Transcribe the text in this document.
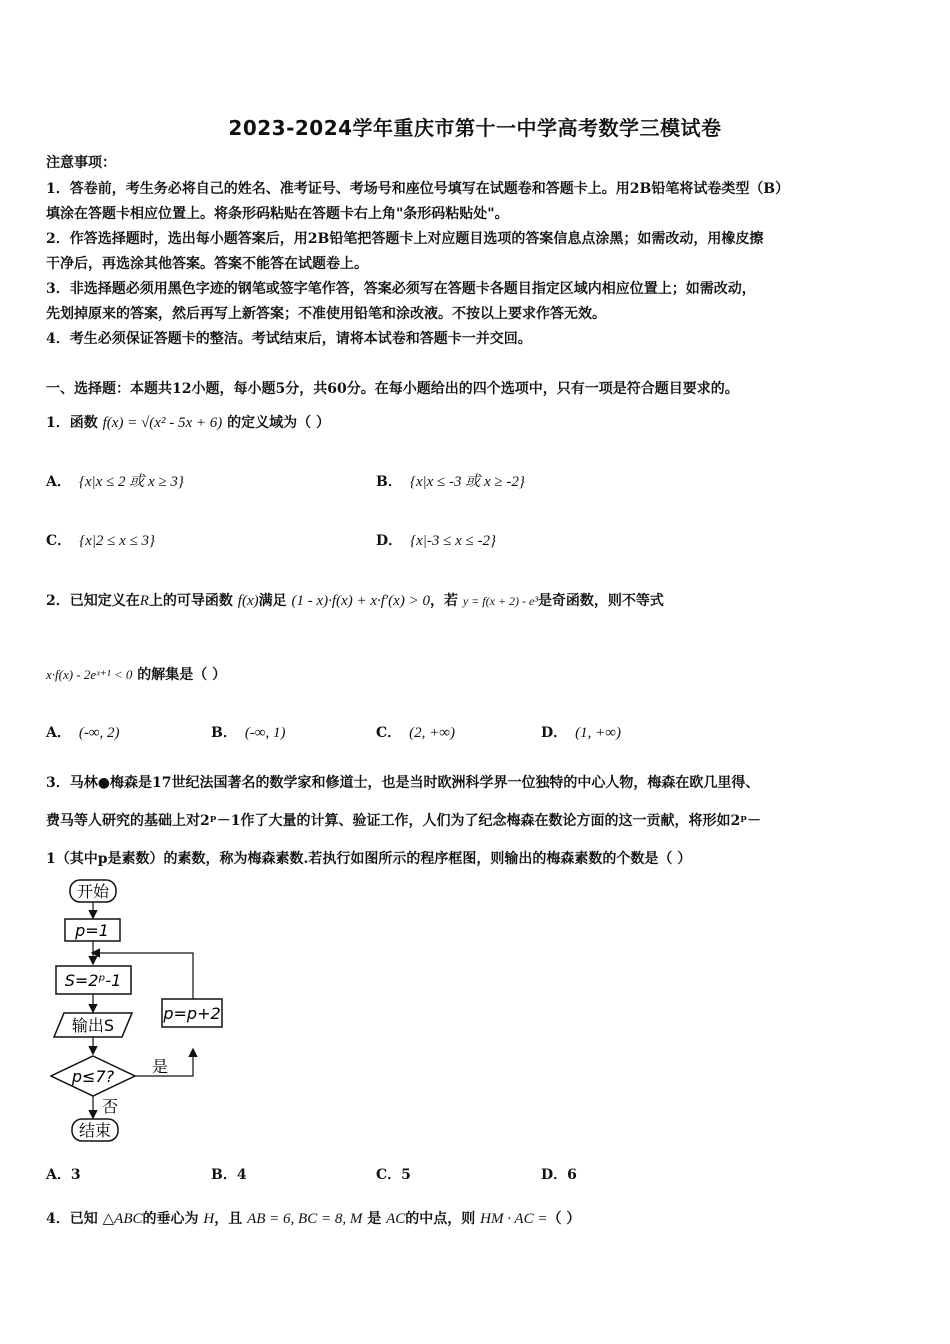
2023-2024学年重庆市第十一中学高考数学三模试卷
注意事项：
1．答卷前，考生务必将自己的姓名、准考证号、考场号和座位号填写在试题卷和答题卡上。用2B铅笔将试卷类型（B）
填涂在答题卡相应位置上。将条形码粘贴在答题卡右上角"条形码粘贴处"。
2．作答选择题时，选出每小题答案后，用2B铅笔把答题卡上对应题目选项的答案信息点涂黑；如需改动，用橡皮擦
干净后，再选涂其他答案。答案不能答在试题卷上。
3．非选择题必须用黑色字迹的钢笔或签字笔作答，答案必须写在答题卡各题目指定区域内相应位置上；如需改动，
先划掉原来的答案，然后再写上新答案；不准使用铅笔和涂改液。不按以上要求作答无效。
4．考生必须保证答题卡的整洁。考试结束后，请将本试卷和答题卡一并交回。
一、选择题：本题共12小题，每小题5分，共60分。在每小题给出的四个选项中，只有一项是符合题目要求的。
1．函数 f(x) = √(x² - 5x + 6) 的定义域为（ ）
A． {x|x ≤ 2 或 x ≥ 3}	B． {x|x ≤ -3 或 x ≥ -2}
C． {x|2 ≤ x ≤ 3}	D． {x|-3 ≤ x ≤ -2}
2．已知定义在R上的可导函数 f(x)满足 (1 - x)·f(x) + x·f′(x) > 0，若 y = f(x + 2) - e³是奇函数，则不等式
x·f(x) - 2eˣ⁺¹ < 0 的解集是（ ）
A． (-∞, 2)	B． (-∞, 1)	C． (2, +∞)	D． (1, +∞)
3．马林●梅森是17世纪法国著名的数学家和修道士，也是当时欧洲科学界一位独特的中心人物，梅森在欧几里得、
费马等人研究的基础上对2ᵖ－1作了大量的计算、验证工作，人们为了纪念梅森在数论方面的这一贡献，将形如2ᵖ－
1（其中p是素数）的素数，称为梅森素数.若执行如图所示的程序框图，则输出的梅森素数的个数是（ ）
开始
p=1
S=2ᵖ-1
输出S
p≤7?
是
p=p+2
否
结束
A．3	B．4	C．5	D．6
4．已知 △ABC的垂心为 H，且 AB = 6, BC = 8, M 是 AC的中点，则 HM · AC =（ ）
